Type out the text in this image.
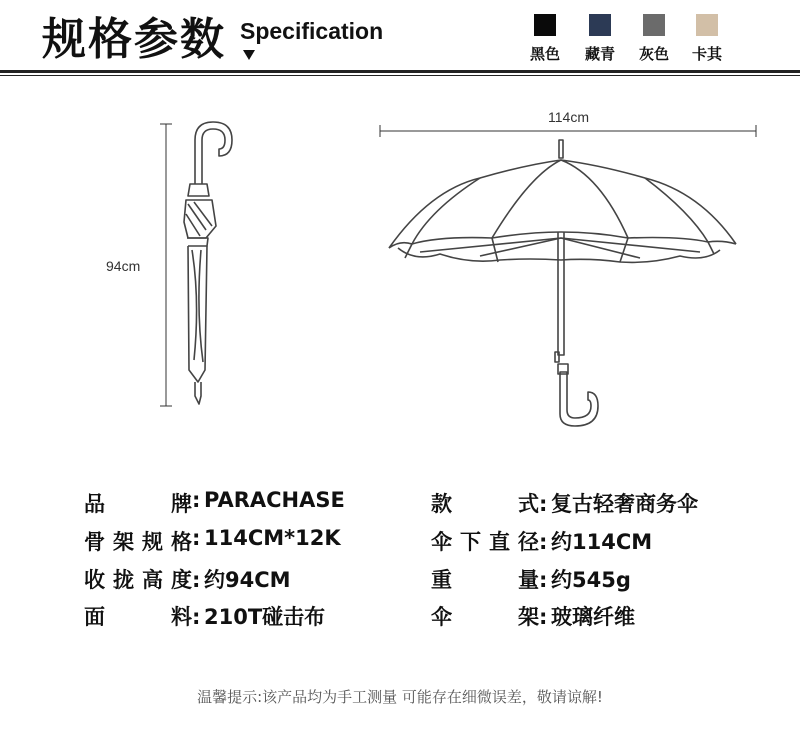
规格参数 Specification
黑色	藏青	灰色	卡其
94cm
114cm
品牌: PARACHASE
骨架规格: 114CM*12K
收拢高度: 约94CM
面料: 210T碰击布
款式: 复古轻奢商务伞
伞下直径: 约114CM
重量: 约545g
伞架: 玻璃纤维
温馨提示:该产品均为手工测量 可能存在细微误差，敬请谅解!
